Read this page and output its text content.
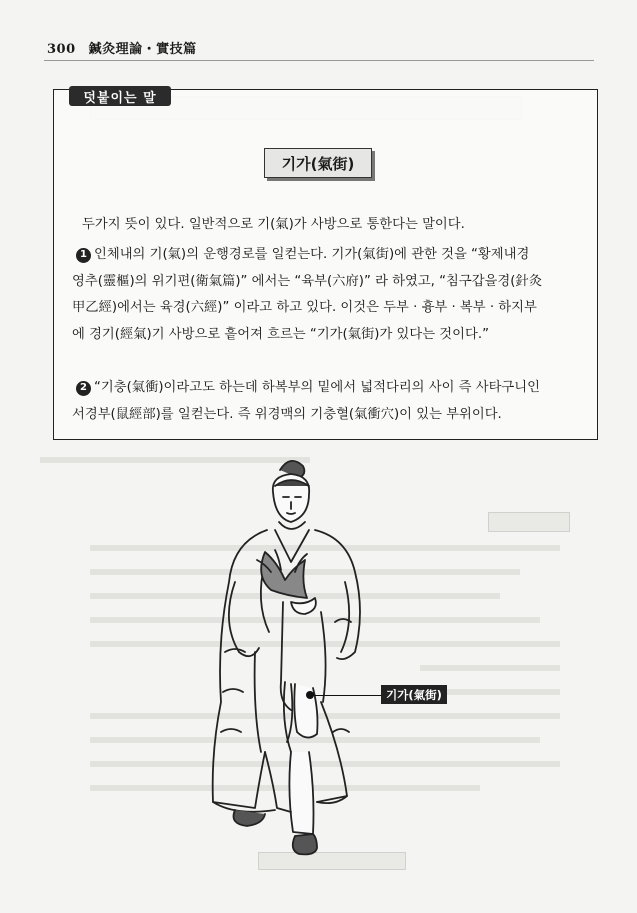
300 鍼灸理論・實技篇
덧붙이는 말
기가(氣街)
두가지 뜻이 있다. 일반적으로 기(氣)가 사방으로 통한다는 말이다.
1 인체내의 기(氣)의 운행경로를 일컫는다. 기가(氣街)에 관한 것을 “황제내경
영추(靈樞)의 위기편(衛氣篇)” 에서는 “육부(六府)” 라 하였고, “침구갑을경(針灸
甲乙經)에서는 육경(六經)” 이라고 하고 있다. 이것은 두부 · 흉부 · 복부 · 하지부
에 경기(經氣)기 사방으로 흩어져 흐르는 “기가(氣街)가 있다는 것이다.”
2 “기충(氣衝)이라고도 하는데 하복부의 밑에서 넓적다리의 사이 즉 사타구니인
서경부(鼠經部)를 일컫는다. 즉 위경맥의 기충혈(氣衝穴)이 있는 부위이다.
기가(氣街)
